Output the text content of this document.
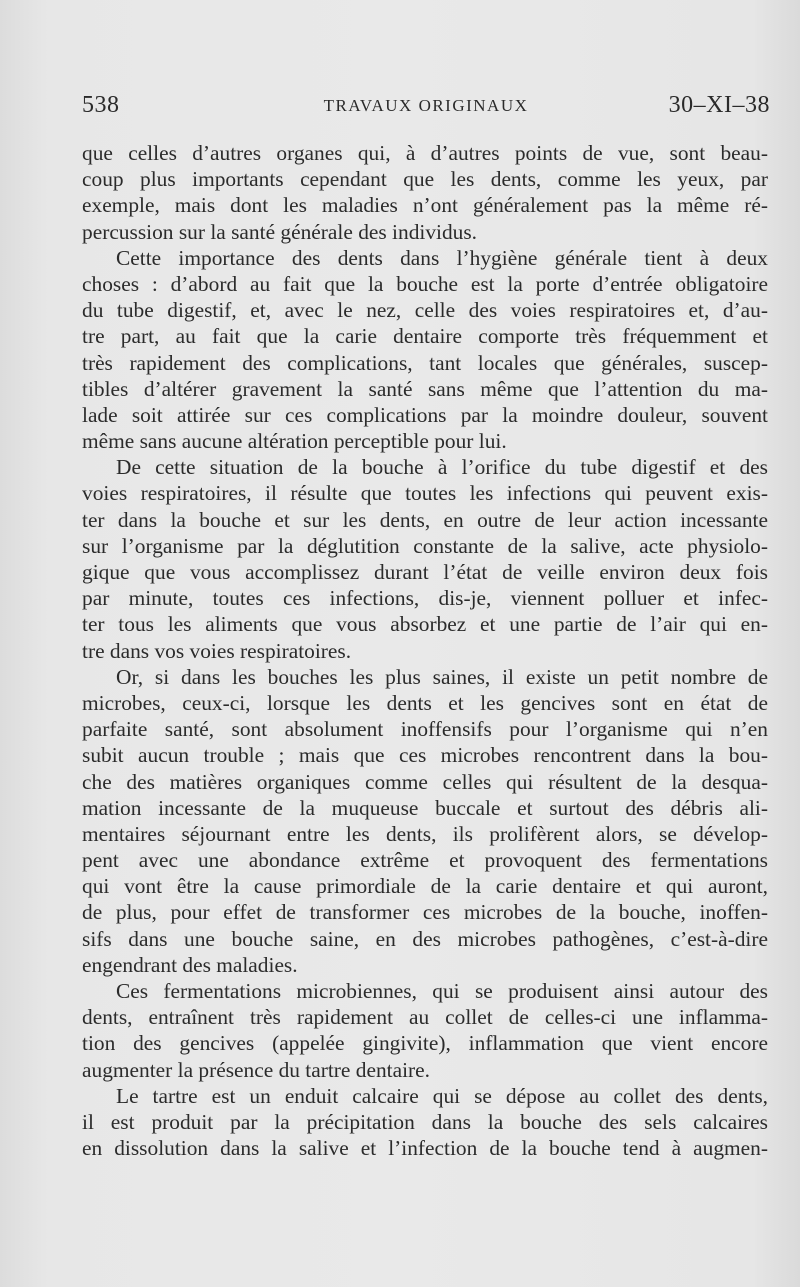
538	TRAVAUX ORIGINAUX	30–XI–38
que celles d’autres organes qui, à d’autres points de vue, sont beau-
coup plus importants cependant que les dents, comme les yeux, par
exemple, mais dont les maladies n’ont généralement pas la même ré-
percussion sur la santé générale des individus.
Cette importance des dents dans l’hygiène générale tient à deux
choses : d’abord au fait que la bouche est la porte d’entrée obligatoire
du tube digestif, et, avec le nez, celle des voies respiratoires et, d’au-
tre part, au fait que la carie dentaire comporte très fréquemment et
très rapidement des complications, tant locales que générales, suscep-
tibles d’altérer gravement la santé sans même que l’attention du ma-
lade soit attirée sur ces complications par la moindre douleur, souvent
même sans aucune altération perceptible pour lui.
De cette situation de la bouche à l’orifice du tube digestif et des
voies respiratoires, il résulte que toutes les infections qui peuvent exis-
ter dans la bouche et sur les dents, en outre de leur action incessante
sur l’organisme par la déglutition constante de la salive, acte physiolo-
gique que vous accomplissez durant l’état de veille environ deux fois
par minute, toutes ces infections, dis-je, viennent polluer et infec-
ter tous les aliments que vous absorbez et une partie de l’air qui en-
tre dans vos voies respiratoires.
Or, si dans les bouches les plus saines, il existe un petit nombre de
microbes, ceux-ci, lorsque les dents et les gencives sont en état de
parfaite santé, sont absolument inoffensifs pour l’organisme qui n’en
subit aucun trouble ; mais que ces microbes rencontrent dans la bou-
che des matières organiques comme celles qui résultent de la desqua-
mation incessante de la muqueuse buccale et surtout des débris ali-
mentaires séjournant entre les dents, ils prolifèrent alors, se dévelop-
pent avec une abondance extrême et provoquent des fermentations
qui vont être la cause primordiale de la carie dentaire et qui auront,
de plus, pour effet de transformer ces microbes de la bouche, inoffen-
sifs dans une bouche saine, en des microbes pathogènes, c’est-à-dire
engendrant des maladies.
Ces fermentations microbiennes, qui se produisent ainsi autour des
dents, entraînent très rapidement au collet de celles-ci une inflamma-
tion des gencives (appelée gingivite), inflammation que vient encore
augmenter la présence du tartre dentaire.
Le tartre est un enduit calcaire qui se dépose au collet des dents,
il est produit par la précipitation dans la bouche des sels calcaires
en dissolution dans la salive et l’infection de la bouche tend à augmen-
